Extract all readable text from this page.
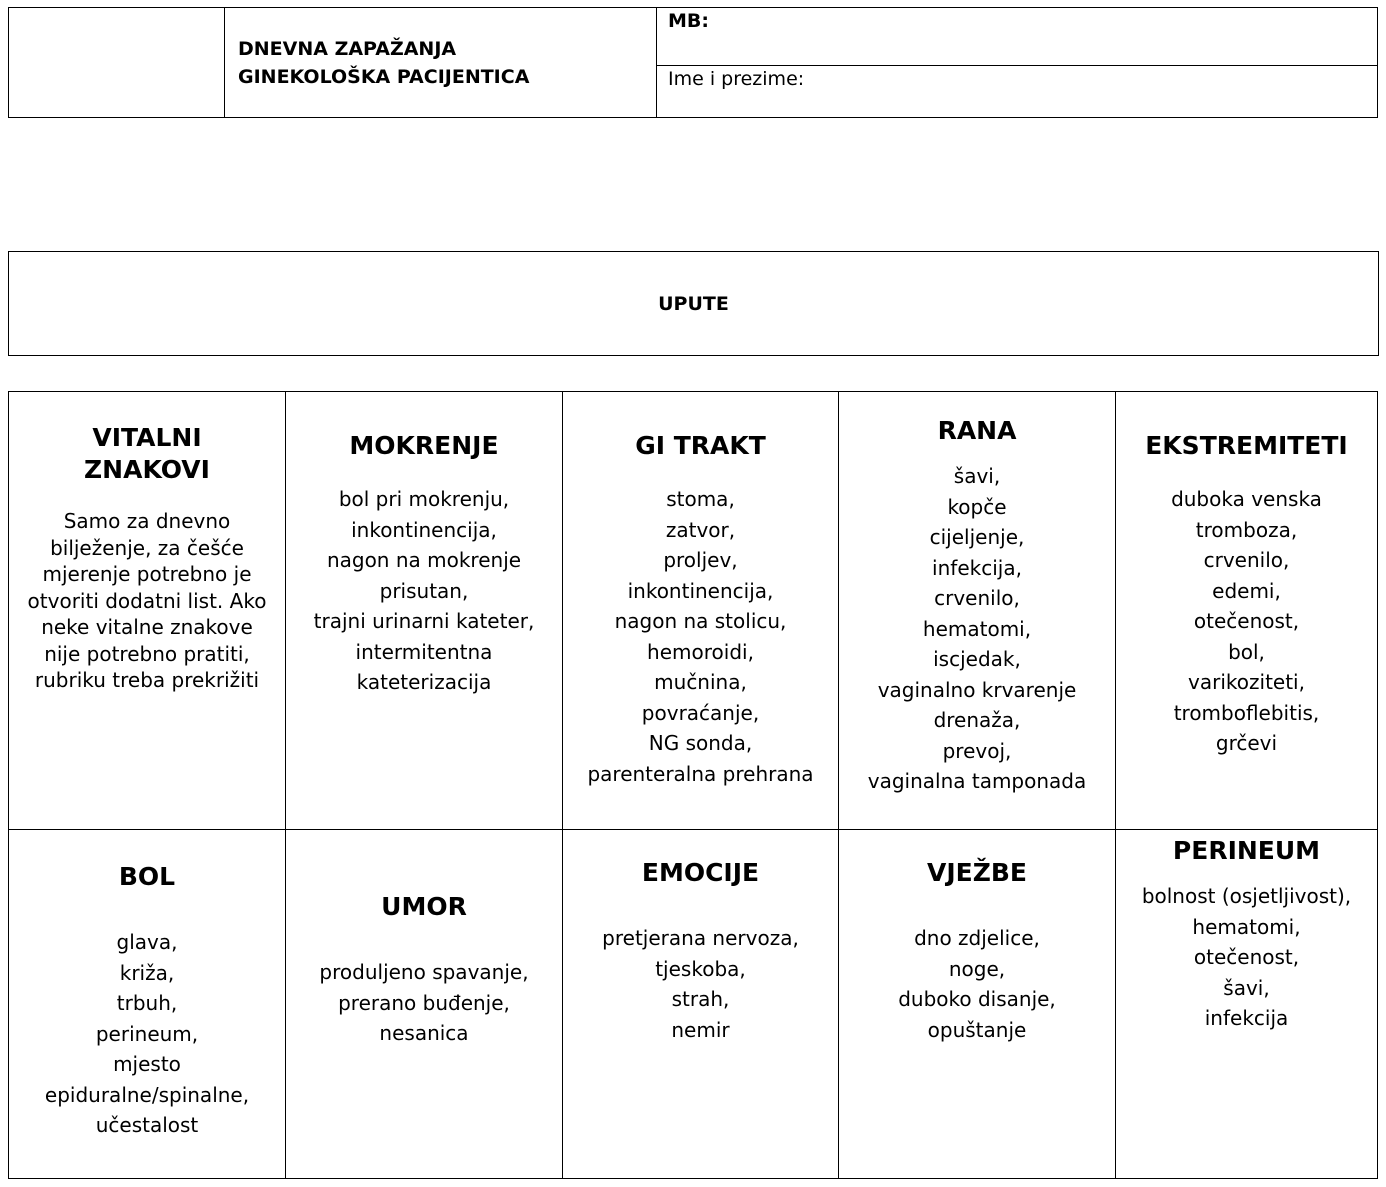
DNEVNA ZAPAŽANJA
GINEKOLOŠKA PACIJENTICA
MB:
Ime i prezime:
UPUTE
VITALNI ZNAKOVI
Samo za dnevno bilježenje, za češće mjerenje potrebno je otvoriti dodatni list. Ako neke vitalne znakove nije potrebno pratiti, rubriku treba prekrižiti
MOKRENJE
bol pri mokrenju,
inkontinencija,
nagon na mokrenje prisutan,
trajni urinarni kateter,
intermitentna kateterizacija
GI TRAKT
stoma,
zatvor,
proljev,
inkontinencija,
nagon na stolicu,
hemoroidi,
mučnina,
povraćanje,
NG sonda,
parenteralna prehrana
RANA
šavi,
kopče
cijeljenje,
infekcija,
crvenilo,
hematomi,
iscjedak,
vaginalno krvarenje
drenaža,
prevoj,
vaginalna tamponada
EKSTREMITETI
duboka venska
tromboza,
crvenilo,
edemi,
otečenost,
bol,
varikoziteti,
tromboflebitis,
grčevi
BOL
glava,
križa,
trbuh,
perineum,
mjesto
epiduralne/spinalne,
učestalost
UMOR
produljeno spavanje,
prerano buđenje,
nesanica
EMOCIJE
pretjerana nervoza,
tjeskoba,
strah,
nemir
VJEŽBE
dno zdjelice,
noge,
duboko disanje,
opuštanje
PERINEUM
bolnost (osjetljivost),
hematomi,
otečenost,
šavi,
infekcija
